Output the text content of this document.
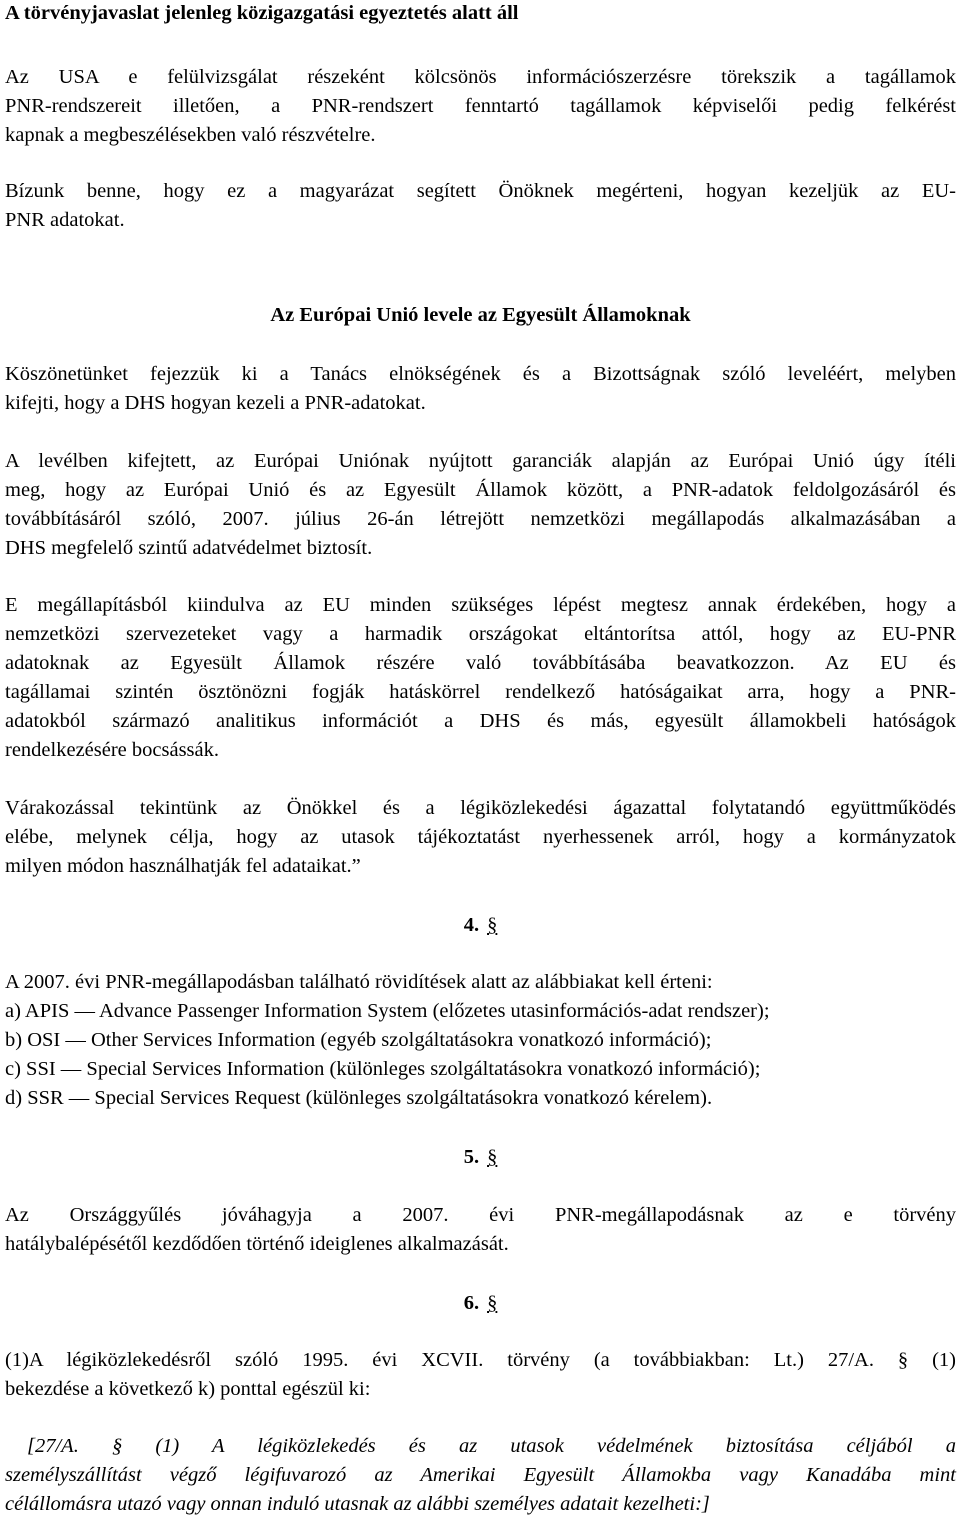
A törvényjavaslat jelenleg közigazgatási egyeztetés alatt áll
Az USA e felülvizsgálat részeként kölcsönös információszerzésre törekszik a tagállamok
PNR-rendszereit illetően, a PNR-rendszert fenntartó tagállamok képviselői pedig felkérést
kapnak a megbeszélésekben való részvételre.
Bízunk benne, hogy ez a magyarázat segített Önöknek megérteni, hogyan kezeljük az EU-
PNR adatokat.
Az Európai Unió levele az Egyesült Államoknak
Köszönetünket fejezzük ki a Tanács elnökségének és a Bizottságnak szóló leveléért, melyben
kifejti, hogy a DHS hogyan kezeli a PNR-adatokat.
A levélben kifejtett, az Európai Uniónak nyújtott garanciák alapján az Európai Unió úgy ítéli
meg, hogy az Európai Unió és az Egyesült Államok között, a PNR-adatok feldolgozásáról és
továbbításáról szóló, 2007. július 26-án létrejött nemzetközi megállapodás alkalmazásában a
DHS megfelelő szintű adatvédelmet biztosít.
E megállapításból kiindulva az EU minden szükséges lépést megtesz annak érdekében, hogy a
nemzetközi szervezeteket vagy a harmadik országokat eltántorítsa attól, hogy az EU-PNR
adatoknak az Egyesült Államok részére való továbbításába beavatkozzon. Az EU és
tagállamai szintén ösztönözni fogják hatáskörrel rendelkező hatóságaikat arra, hogy a PNR-
adatokból származó analitikus információt a DHS és más, egyesült államokbeli hatóságok
rendelkezésére bocsássák.
Várakozással tekintünk az Önökkel és a légiközlekedési ágazattal folytatandó együttműködés
elébe, melynek célja, hogy az utasok tájékoztatást nyerhessenek arról, hogy a kormányzatok
milyen módon használhatják fel adataikat.”
4. §
A 2007. évi PNR-megállapodásban található rövidítések alatt az alábbiakat kell érteni:
a) APIS — Advance Passenger Information System (előzetes utasinformációs-adat rendszer);
b) OSI — Other Services Information (egyéb szolgáltatásokra vonatkozó információ);
c) SSI — Special Services Information (különleges szolgáltatásokra vonatkozó információ);
d) SSR — Special Services Request (különleges szolgáltatásokra vonatkozó kérelem).
5. §
Az Országgyűlés jóváhagyja a 2007. évi PNR-megállapodásnak az e törvény
hatálybalépésétől kezdődően történő ideiglenes alkalmazását.
6. §
(1)A légiközlekedésről szóló 1995. évi XCVII. törvény (a továbbiakban: Lt.) 27/A. § (1)
bekezdése a következő k) ponttal egészül ki:
[27/A. § (1) A légiközlekedés és az utasok védelmének biztosítása céljából a
személyszállítást végző légifuvarozó az Amerikai Egyesült Államokba vagy Kanadába mint
célállomásra utazó vagy onnan induló utasnak az alábbi személyes adatait kezelheti:]
